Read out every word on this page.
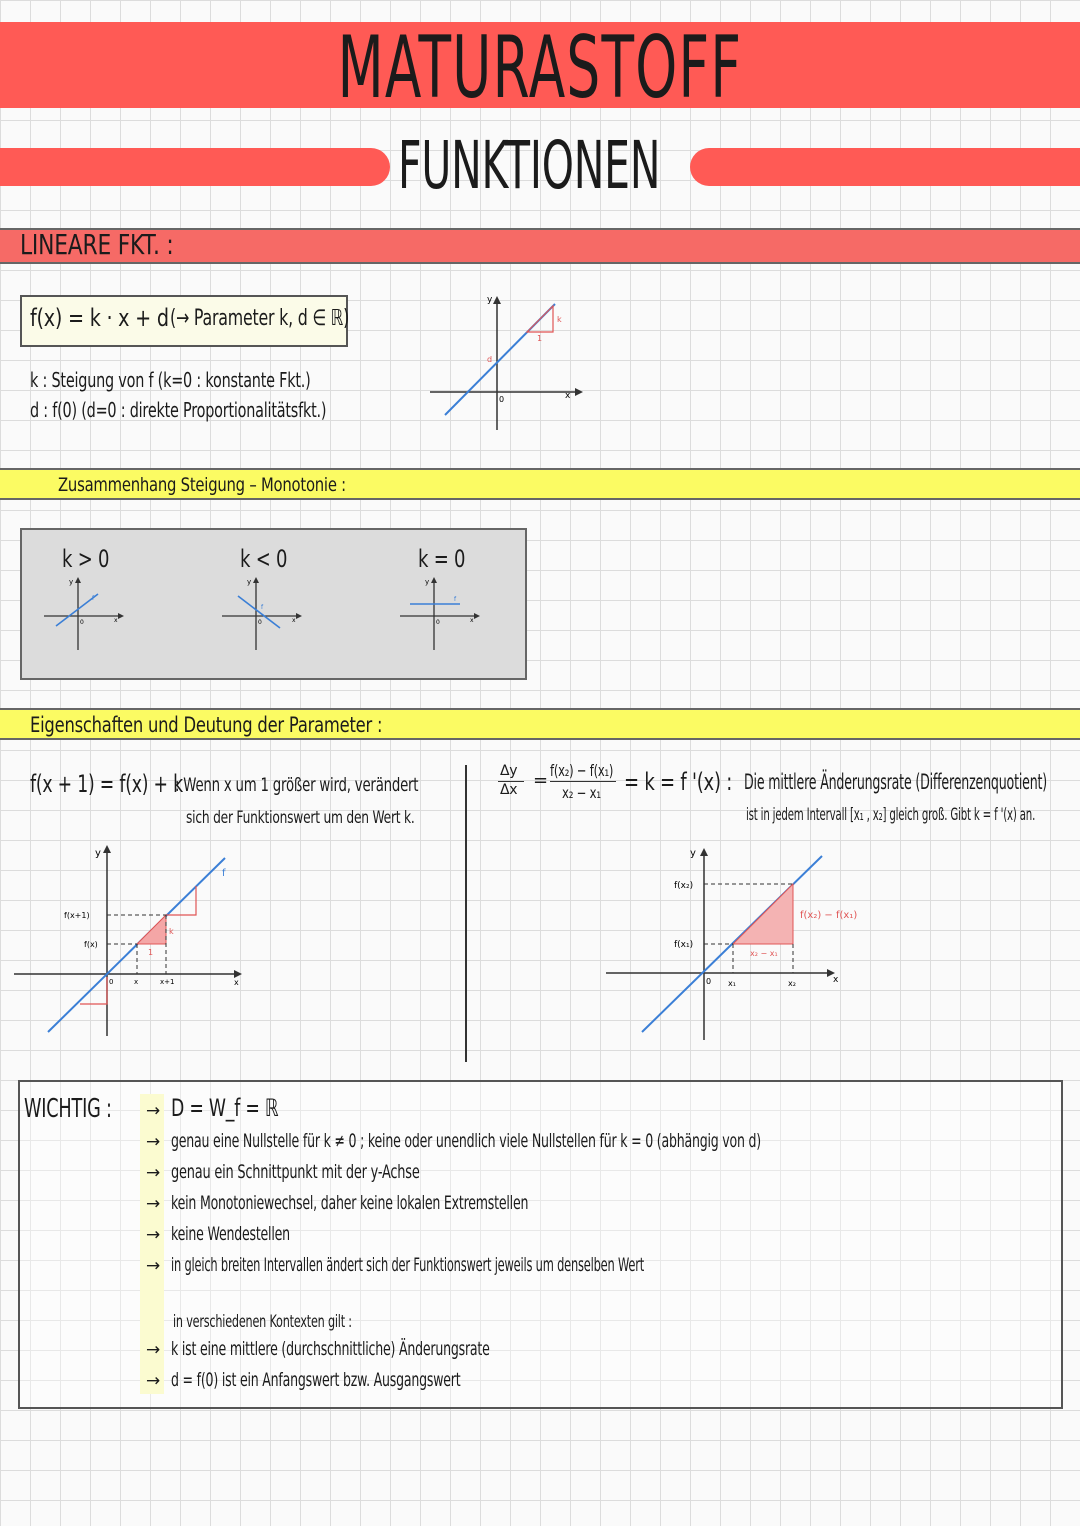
MATURASTOFF
FUNKTIONEN
LINEARE FKT. :
f(x) = k · x + d (→ Parameter k, d ∈ ℝ)
k : Steigung von f (k=0 : konstante Fkt.)
d : f(0) (d=0 : direkte Proportionalitätsfkt.)
y
x
0
k
1
d
Zusammenhang Steigung – Monotonie :
k > 0	k < 0	k = 0
y
x
0
f
y
x
0
f
y
x
0
f
Eigenschaften und Deutung der Parameter :
f(x + 1) = f(x) + k
: Wenn x um 1 größer wird, verändert
sich der Funktionswert um den Wert k.
y
x
f
f(x+1)
f(x)
0	x	x+1
k
1
Δy
Δx = f(x₂) − f(x₁)
x₂ − x₁ = k = f '(x) : Die mittlere Änderungsrate (Differenzenquotient)
ist in jedem Intervall [x₁ , x₂] gleich groß. Gibt k = f '(x) an.
y
x
f(x₂)
f(x₁)
0 x₁	x₂
f(x₂) − f(x₁)
x₂ − x₁
WICHTIG : → D = W_f = ℝ
→ genau eine Nullstelle für k ≠ 0 ; keine oder unendlich viele Nullstellen für k = 0 (abhängig von d)
→ genau ein Schnittpunkt mit der y-Achse
→ kein Monotoniewechsel, daher keine lokalen Extremstellen
→ keine Wendestellen
→ in gleich breiten Intervallen ändert sich der Funktionswert jeweils um denselben Wert
in verschiedenen Kontexten gilt :
→ k ist eine mittlere (durchschnittliche) Änderungsrate
→ d = f(0) ist ein Anfangswert bzw. Ausgangswert
